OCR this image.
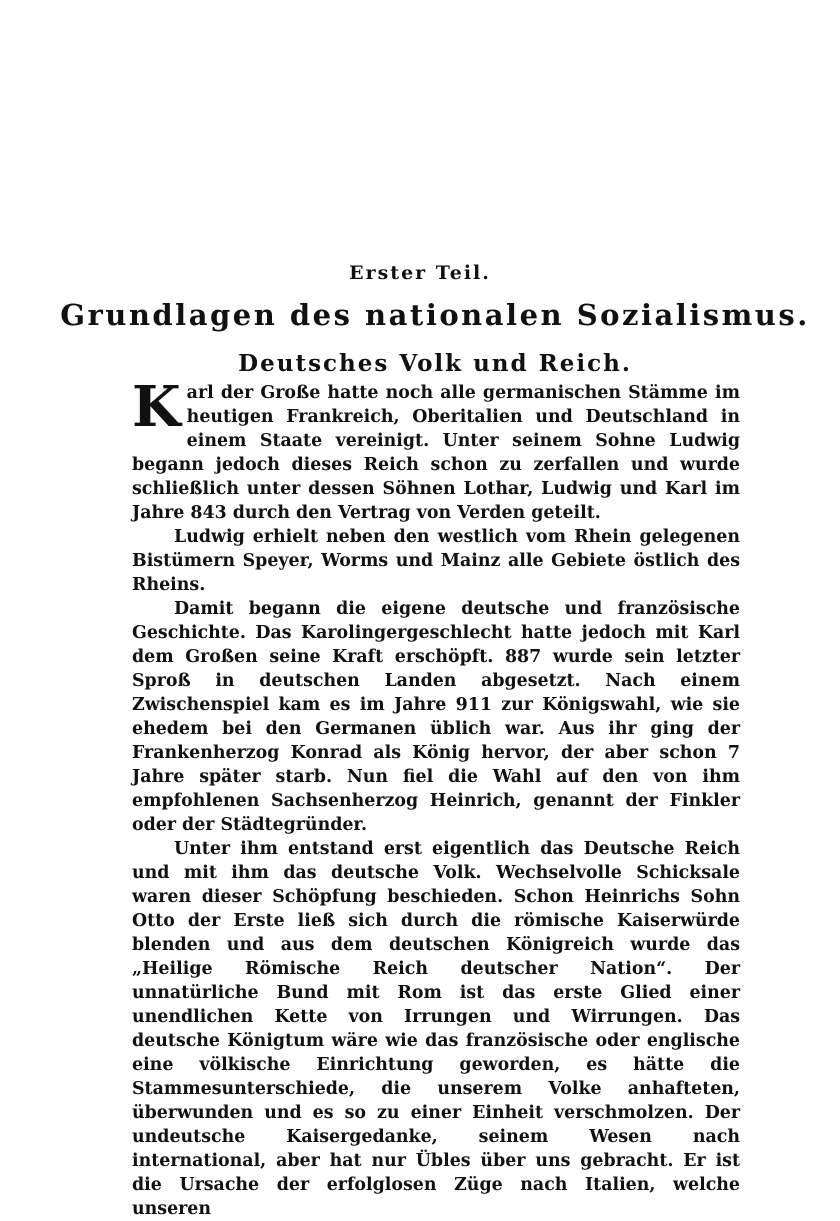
Erster Teil.
Grundlagen des nationalen Sozialismus.
Deutsches Volk und Reich.

Karl der Große hatte noch alle germanischen Stämme im heutigen Frankreich, Oberitalien und Deutschland in einem Staate vereinigt. Unter seinem Sohne Ludwig begann jedoch dieses Reich schon zu zerfallen und wurde schließlich unter dessen Söhnen Lothar, Ludwig und Karl im Jahre 843 durch den Vertrag von Verden geteilt.

Ludwig erhielt neben den westlich vom Rhein gelegenen Bistümern Speyer, Worms und Mainz alle Gebiete östlich des Rheins.

Damit begann die eigene deutsche und französische Geschichte. Das Karolingergeschlecht hatte jedoch mit Karl dem Großen seine Kraft erschöpft. 887 wurde sein letzter Sproß in deutschen Landen abgesetzt. Nach einem Zwischenspiel kam es im Jahre 911 zur Königswahl, wie sie ehedem bei den Germanen üblich war. Aus ihr ging der Frankenherzog Konrad als König hervor, der aber schon 7 Jahre später starb. Nun fiel die Wahl auf den von ihm empfohlenen Sachsenherzog Heinrich, genannt der Finkler oder der Städtegründer.

Unter ihm entstand erst eigentlich das Deutsche Reich und mit ihm das deutsche Volk. Wechselvolle Schicksale waren dieser Schöpfung beschieden. Schon Heinrichs Sohn Otto der Erste ließ sich durch die römische Kaiserwürde blenden und aus dem deutschen Königreich wurde das „Heilige Römische Reich deutscher Nation“. Der unnatürliche Bund mit Rom ist das erste Glied einer unendlichen Kette von Irrungen und Wirrungen. Das deutsche Königtum wäre wie das französische oder englische eine völkische Einrichtung geworden, es hätte die Stammesunterschiede, die unserem Volke anhafteten, überwunden und es so zu einer Einheit verschmolzen. Der undeutsche Kaisergedanke, seinem Wesen nach international, aber hat nur Übles über uns gebracht. Er ist die Ursache der erfolglosen Züge nach Italien, welche unseren
